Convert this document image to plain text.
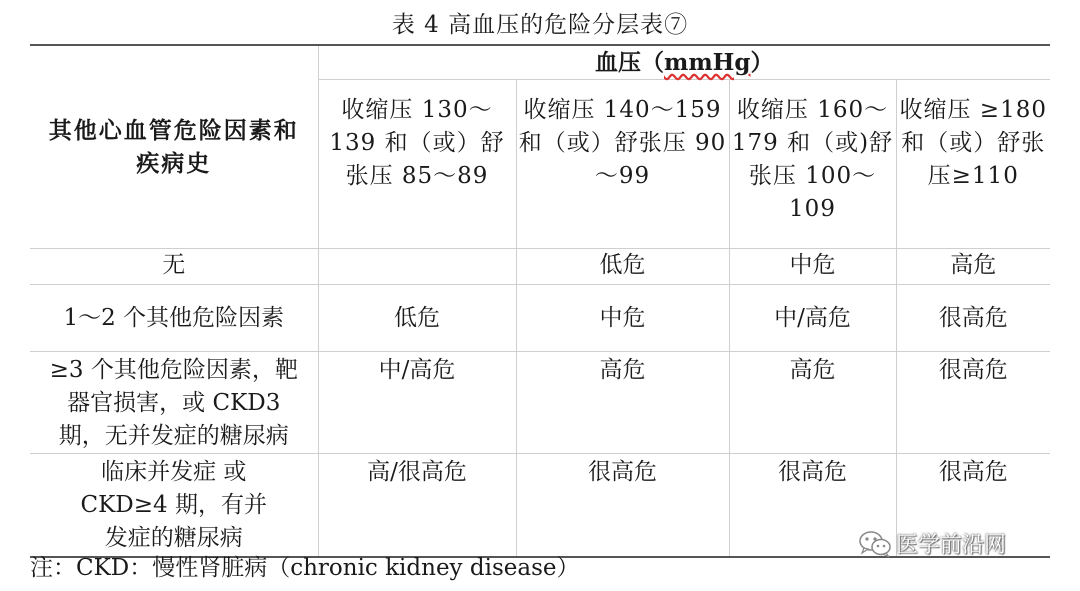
表 4 高血压的危险分层表⑦
其他心血管危险因素和疾病史	血压（mmHg）			
	收缩压 130～139 和（或）舒张压 85～89	收缩压 140～159 和（或）舒张压 90～99	收缩压 160～179 和（或)舒张压 100～109	收缩压 ≥180 和（或）舒张压≥110
无		低危	中危	高危
1～2 个其他危险因素	低危	中危	中/高危	很高危
≥3 个其他危险因素，靶器官损害，或 CKD3 期，无并发症的糖尿病	中/高危	高危	高危	很高危
临床并发症 或 CKD≥4 期，有并发症的糖尿病	高/很高危	很高危	很高危	很高危
注：CKD：慢性肾脏病（chronic kidney disease）
医学前沿网
